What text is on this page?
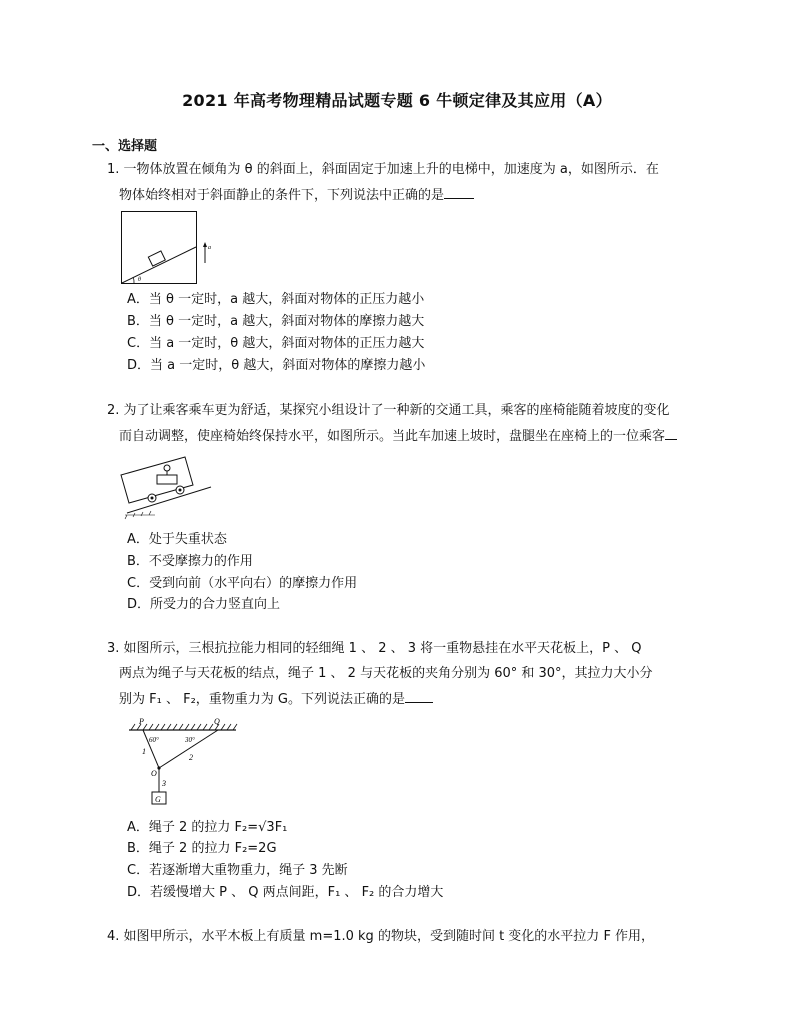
2021 年高考物理精品试题专题 6 牛顿定律及其应用（A）
一、选择题
1. 一物体放置在倾角为 θ 的斜面上，斜面固定于加速上升的电梯中，加速度为 a，如图所示．在
物体始终相对于斜面静止的条件下，下列说法中正确的是
θ
a
A．当 θ 一定时，a 越大，斜面对物体的正压力越小
B．当 θ 一定时，a 越大，斜面对物体的摩擦力越大
C．当 a 一定时，θ 越大，斜面对物体的正压力越大
D．当 a 一定时，θ 越大，斜面对物体的摩擦力越小
2. 为了让乘客乘车更为舒适，某探究小组设计了一种新的交通工具，乘客的座椅能随着坡度的变化
而自动调整，使座椅始终保持水平，如图所示。当此车加速上坡时，盘腿坐在座椅上的一位乘客
A．处于失重状态
B．不受摩擦力的作用
C．受到向前（水平向右）的摩擦力作用
D．所受力的合力竖直向上
3. 如图所示，三根抗拉能力相同的轻细绳 1 、 2 、 3 将一重物悬挂在水平天花板上，P 、 Q
两点为绳子与天花板的结点，绳子 1 、 2 与天花板的夹角分别为 60° 和 30°，其拉力大小分
别为 F₁ 、 F₂，重物重力为 G。下列说法正确的是
P	Q
60°	30°
1
2
O
3
G
A．绳子 2 的拉力 F₂=√3F₁
B．绳子 2 的拉力 F₂=2G
C．若逐渐增大重物重力，绳子 3 先断
D．若缓慢增大 P 、 Q 两点间距，F₁ 、 F₂ 的合力增大
4. 如图甲所示，水平木板上有质量 m=1.0 kg 的物块，受到随时间 t 变化的水平拉力 F 作用，
